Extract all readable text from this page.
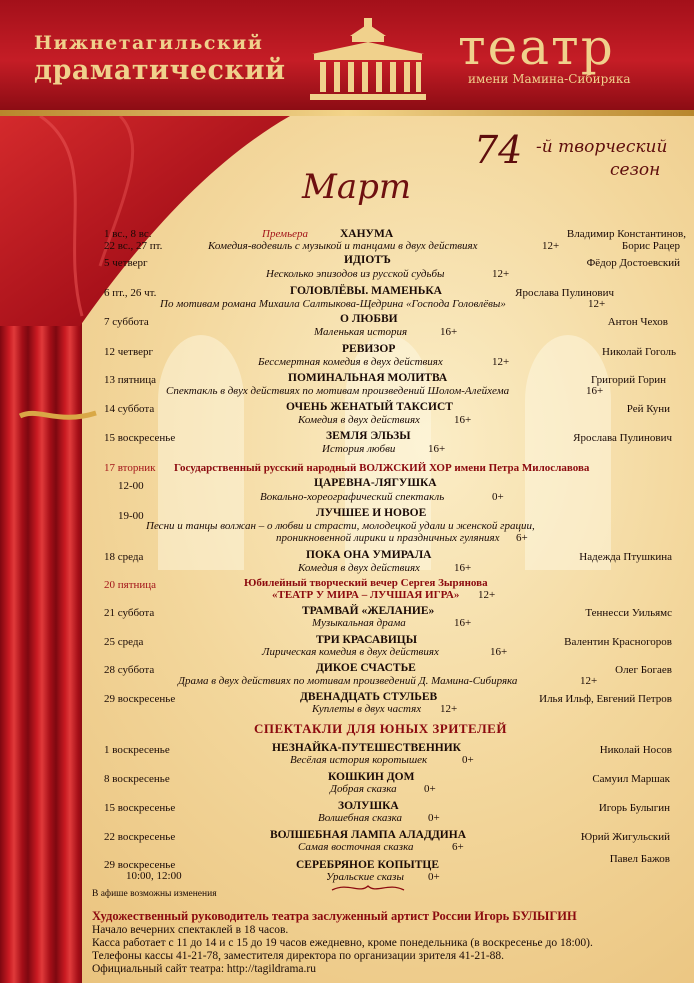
Нижнетагильский
драматический	театр
имени Мамина-Сибиряка
74 -й творческий
сезон
Март
1 вс., 8 вс.
22 вс., 27 пт.
Премьера	ХАНУМА
Комедия-водевиль с музыкой и танцами в двух действиях	12+
Владимир Константинов,
Борис Рацер
5 четверг	ИДІОТЪ
Несколько эпизодов из русской судьбы	12+
Фёдор Достоевский
6 пт., 26 чт.	ГОЛОВЛЁВЫ. МАМЕНЬКА
По мотивам романа Михаила Салтыкова-Щедрина «Господа Головлёвы»	12+
Ярослава Пулинович
7 суббота	О ЛЮБВИ
Маленькая история	16+
Антон Чехов
12 четверг	РЕВИЗОР
Бессмертная комедия в двух действиях	12+
Николай Гоголь
13 пятница	ПОМИНАЛЬНАЯ МОЛИТВА
Спектакль в двух действиях по мотивам произведений Шолом-Алейхема	16+
Григорий Горин
14 суббота	ОЧЕНЬ ЖЕНАТЫЙ ТАКСИСТ
Комедия в двух действиях	16+
Рей Куни
15 воскресенье	ЗЕМЛЯ ЭЛЬЗЫ
История любви	16+
Ярослава Пулинович
17 вторник Государственный русский народный ВОЛЖСКИЙ ХОР имени Петра Милославова
12-00	ЦАРЕВНА-ЛЯГУШКА
Вокально-хореографический спектакль	0+
19-00	ЛУЧШЕЕ И НОВОЕ
Песни и танцы волжан – о любви и страсти, молодецкой удали и женской грации,
проникновенной лирики и праздничных гуляниях 6+
18 среда	ПОКА ОНА УМИРАЛА
Комедия в двух действиях	16+
Надежда Птушкина
20 пятница	Юбилейный творческий вечер Сергея Зырянова
«ТЕАТР У МИРА – ЛУЧШАЯ ИГРА» 12+
21 суббота	ТРАМВАЙ «ЖЕЛАНИЕ»
Музыкальная драма	16+
Теннесси Уильямс
25 среда	ТРИ КРАСАВИЦЫ
Лирическая комедия в двух действиях	16+
Валентин Красногоров
28 суббота	ДИКОЕ СЧАСТЬЕ
Драма в двух действиях по мотивам произведений Д. Мамина-Сибиряка	12+
Олег Богаев
29 воскресенье	ДВЕНАДЦАТЬ СТУЛЬЕВ
Куплеты в двух частях 12+
Илья Ильф, Евгений Петров
СПЕКТАКЛИ ДЛЯ ЮНЫХ ЗРИТЕЛЕЙ
1 воскресенье	НЕЗНАЙКА-ПУТЕШЕСТВЕННИК
Весёлая история коротышек	0+
Николай Носов
8 воскресенье	КОШКИН ДОМ
Добрая сказка 0+
Самуил Маршак
15 воскресенье	ЗОЛУШКА
Волшебная сказка 0+
Игорь Булыгин
22 воскресенье	ВОЛШЕБНАЯ ЛАМПА АЛАДДИНА
Самая восточная сказка	6+
Юрий Жигульский
29 воскресенье
10:00, 12:00
СЕРЕБРЯНОЕ КОПЫТЦЕ
Уральские сказы 0+
Павел Бажов
В афише возможны изменения
Художественный руководитель театра заслуженный артист России Игорь БУЛЫГИН
Начало вечерних спектаклей в 18 часов.
Касса работает с 11 до 14 и с 15 до 19 часов ежедневно, кроме понедельника (в воскресенье до 18:00).
Телефоны кассы 41-21-78, заместителя директора по организации зрителя 41-21-88.
Официальный сайт театра: http://tagildrama.ru
